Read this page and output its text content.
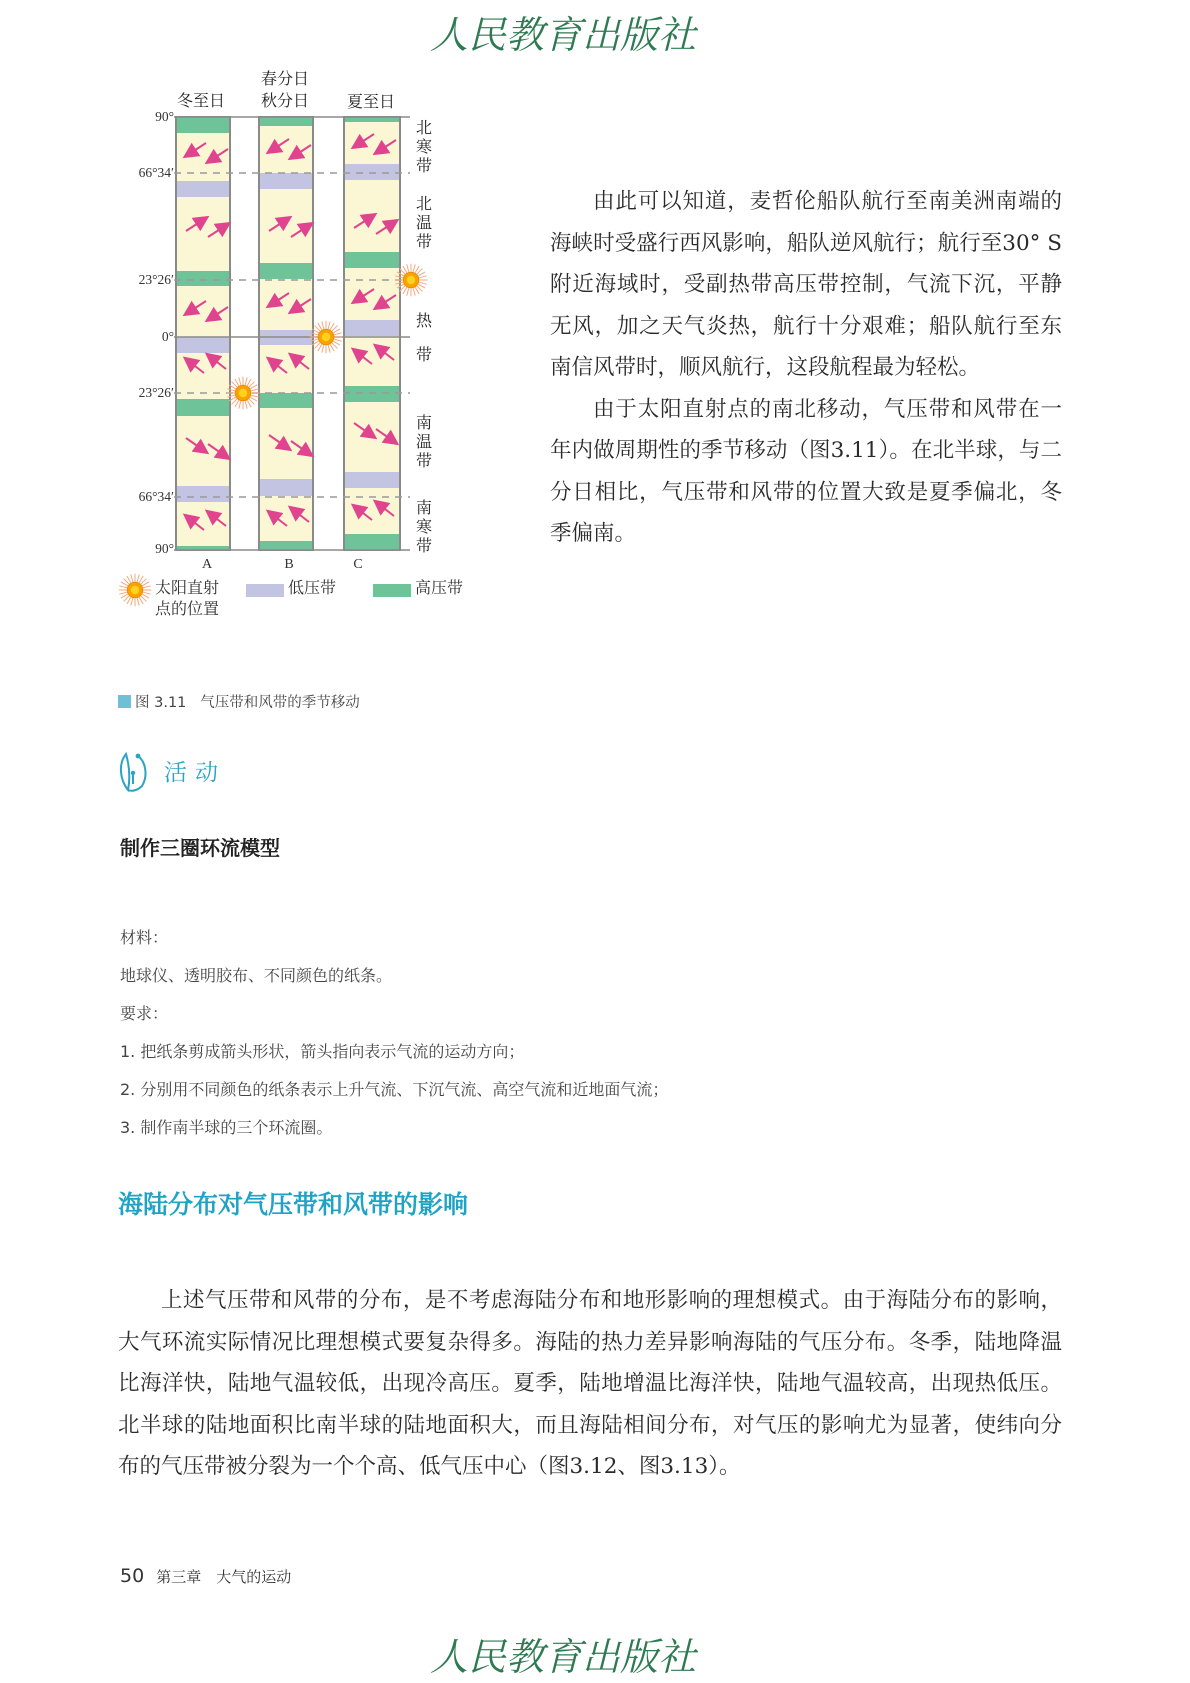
人民教育出版社
冬至日
春分日
秋分日	夏至日
90°
66°34′
23°26′
0°
23°26′
66°34′
90°
北寒带
北温带
热
带
南温带
南寒带
A	B	C
太阳直射
点的位置
低压带	高压带
图 3.11 气压带和风带的季节移动

由此可以知道，麦哲伦船队航行至南美洲南端的海峡时受盛行西风影响，船队逆风航行；航行至30° S附近海域时，受副热带高压带控制，气流下沉，平静无风，加之天气炎热，航行十分艰难；船队航行至东南信风带时，顺风航行，这段航程最为轻松。

由于太阳直射点的南北移动，气压带和风带在一年内做周期性的季节移动（图3.11）。在北半球，与二分日相比，气压带和风带的位置大致是夏季偏北，冬季偏南。

活动
制作三圈环流模型
材料：
地球仪、透明胶布、不同颜色的纸条。
要求：
1. 把纸条剪成箭头形状，箭头指向表示气流的运动方向；
2. 分别用不同颜色的纸条表示上升气流、下沉气流、高空气流和近地面气流；
3. 制作南半球的三个环流圈。
海陆分布对气压带和风带的影响

上述气压带和风带的分布，是不考虑海陆分布和地形影响的理想模式。由于海陆分布的影响，大气环流实际情况比理想模式要复杂得多。海陆的热力差异影响海陆的气压分布。冬季，陆地降温比海洋快，陆地气温较低，出现冷高压。夏季，陆地增温比海洋快，陆地气温较高，出现热低压。北半球的陆地面积比南半球的陆地面积大，而且海陆相间分布，对气压的影响尤为显著，使纬向分布的气压带被分裂为一个个高、低气压中心（图3.12、图3.13）。

50 第三章　大气的运动
人民教育出版社
